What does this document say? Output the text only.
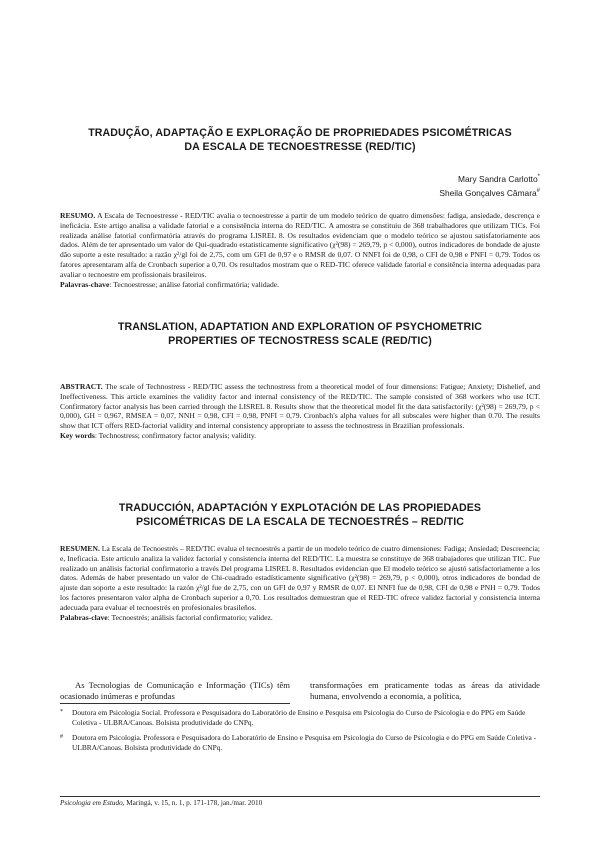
TRADUÇÃO, ADAPTAÇÃO E EXPLORAÇÃO DE PROPRIEDADES PSICOMÉTRICAS
DA ESCALA DE TECNOESTRESSE (RED/TIC)
Mary Sandra Carlotto*
Sheila Gonçalves Câmara#

RESUMO. A Escala de Tecnoestresse - RED/TIC avalia o tecnoestresse a partir de um modelo teórico de quatro dimensões: fadiga, ansiedade, descrença e ineficácia. Este artigo analisa a validade fatorial e a consistência interna do RED/TIC. A amostra se constituiu de 368 trabalhadores que utilizam TICs. Foi realizada análise fatorial confirmatória através do programa LISREL 8. Os resultados evidenciam que o modelo teórico se ajustou satisfatoriamente aos dados. Além de ter apresentado um valor de Qui-quadrado estatisticamente significativo (χ²(98) = 269,79, p < 0,000), outros indicadores de bondade de ajuste dão suporte a este resultado: a razão χ²/gl foi de 2,75, com um GFI de 0,97 e o RMSR de 0,07. O NNFI foi de 0,98, o CFI de 0,98 e PNFI = 0,79. Todos os fatores apresentaram alfa de Cronbach superior a 0,70. Os resultados mostram que o RED-TIC oferece validade fatorial e consitência interna adequadas para avaliar o tecnoestre em profissionais brasileiros.

Palavras-chave: Tecnoestresse; análise fatorial confirmatória; validade.

TRANSLATION, ADAPTATION AND EXPLORATION OF PSYCHOMETRIC
PROPERTIES OF TECNOSTRESS SCALE (RED/TIC)

ABSTRACT. The scale of Technostress - RED/TIC assess the technostress from a theoretical model of four dimensions: Fatigue; Anxiety; Dishelief, and Ineffectiveness. This article examines the validity factor and internal consistency of the RED/TIC. The sample consisted of 368 workers who use ICT. Confirmatory factor analysis has been carried through the LISREL 8. Results show that the theoretical model fit the data satisfactorily: (χ²(98) = 269,79, p < 0,000), GH = 0,967, RMSEA = 0,07, NNH = 0,98, CFI = 0,98, PNFI = 0,79. Cronbach's alpha values for all subscales were higher than 0.70. The results show that ICT offers RED-factorial validity and internal consistency appropriate to assess the technostress in Brazilian professionals.

Key words: Technostress; confirmatory factor analysis; validity.

TRADUCCIÓN, ADAPTACIÓN Y EXPLOTACIÓN DE LAS PROPIEDADES
PSICOMÉTRICAS DE LA ESCALA DE TECNOESTRÉS – RED/TIC

RESUMEN. La Escala de Tecnoestrés – RED/TIC evalua el tecnoestrés a partir de un modelo teórico de cuatro dimensiones: Fadiga; Ansiedad; Descreencia; e, Ineficacia. Este artículo analiza la validez factorial y consistencia interna del RED/TIC. La muestra se constituye de 368 trabajadores que utilizan TIC. Fue realizado un análisis factorial confirmatorio a través Del programa LISREL 8. Resultados evidencian que El modelo teórico se ajustó satisfactoriamente a los datos. Además de haber presentado un valor de Chi-cuadrado estadísticamente significativo (χ²(98) = 269,79, p < 0,000), otros indicadores de bondad de ajuste dan soporte a este resultado: la razón χ²/gl fue de 2,75, con un GFI de 0,97 y RMSR de 0,07. El NNFI fue de 0,98, CFI de 0,98 e PNH = 0,79. Todos los factores presentaron valor alpha de Cronbach superior a 0,70. Los resultados demuestran que el RED-TIC ofrece validez factorial y consistencia interna adecuada para evaluar el tecnoestrés en profesionales brasileños.

Palabras-clave: Tecnoestrés; análisis factorial confirmatorio; validez.

As Tecnologias de Comunicação e Informação (TICs) têm ocasionado inúmeras e profundas
transformações em praticamente todas as áreas da atividade humana, envolvendo a economia, a política,
*	Doutora em Psicologia Social. Professora e Pesquisadora do Laboratório de Ensino e Pesquisa em Psicologia do Curso de Psicologia e do PPG em Saúde Coletiva - ULBRA/Canoas. Bolsista produtividade do CNPq.
#	Doutora em Psicologia. Professora e Pesquisadora do Laboratório de Ensino e Pesquisa em Psicologia do Curso de Psicologia e do PPG em Saúde Coletiva - ULBRA/Canoas. Bolsista produtividade do CNPq.
Psicologia em Estudo, Maringá, v. 15, n. 1, p. 171-178, jan./mar. 2010
